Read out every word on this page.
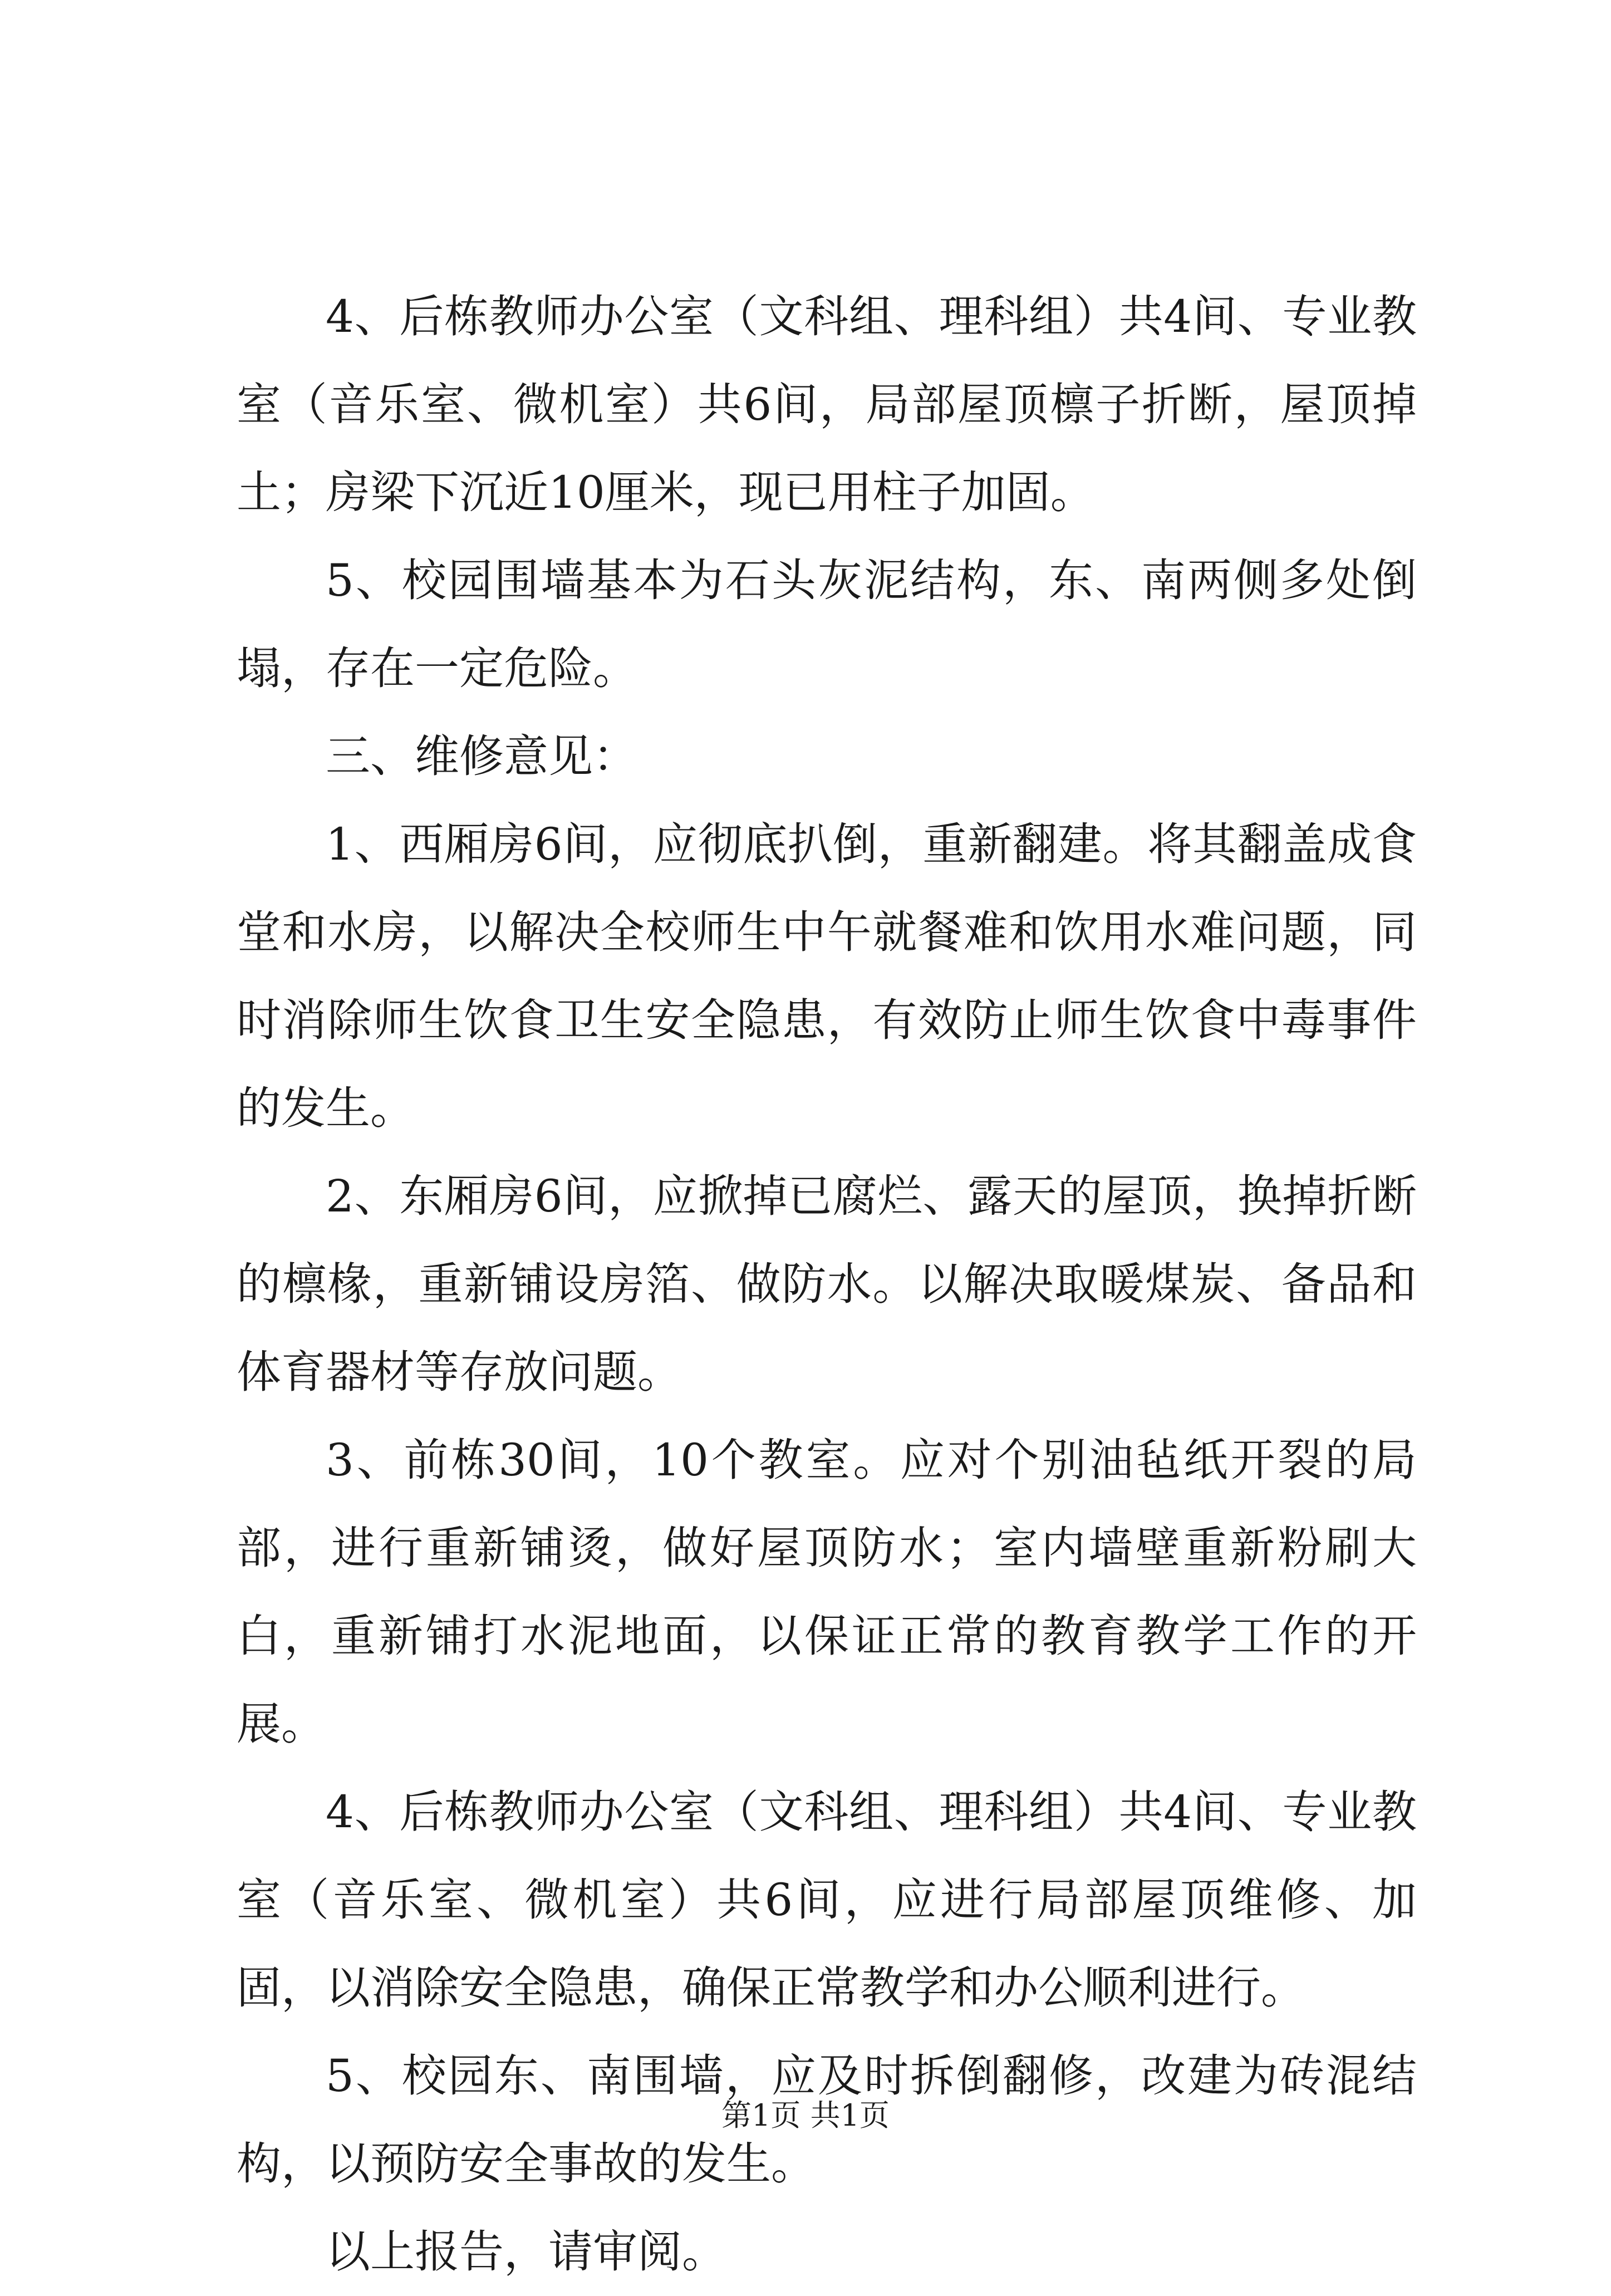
4、后栋教师办公室（文科组、理科组）共4间、专业教室（音乐室、微机室）共6间，局部屋顶檩子折断，屋顶掉土；房梁下沉近10厘米，现已用柱子加固。

5、校园围墙基本为石头灰泥结构，东、南两侧多处倒塌，存在一定危险。

三、维修意见：

1、西厢房6间，应彻底扒倒，重新翻建。将其翻盖成食堂和水房，以解决全校师生中午就餐难和饮用水难问题，同时消除师生饮食卫生安全隐患，有效防止师生饮食中毒事件的发生。

2、东厢房6间，应掀掉已腐烂、露天的屋顶，换掉折断的檩椽，重新铺设房箔、做防水。以解决取暖煤炭、备品和体育器材等存放问题。

3、前栋30间，10个教室。应对个别油毡纸开裂的局部，进行重新铺烫，做好屋顶防水；室内墙壁重新粉刷大白，重新铺打水泥地面，以保证正常的教育教学工作的开展。

4、后栋教师办公室（文科组、理科组）共4间、专业教室（音乐室、微机室）共6间，应进行局部屋顶维修、加固，以消除安全隐患，确保正常教学和办公顺利进行。

5、校园东、南围墙，应及时拆倒翻修，改建为砖混结构，以预防安全事故的发生。

以上报告，请审阅。

第1页 共1页
